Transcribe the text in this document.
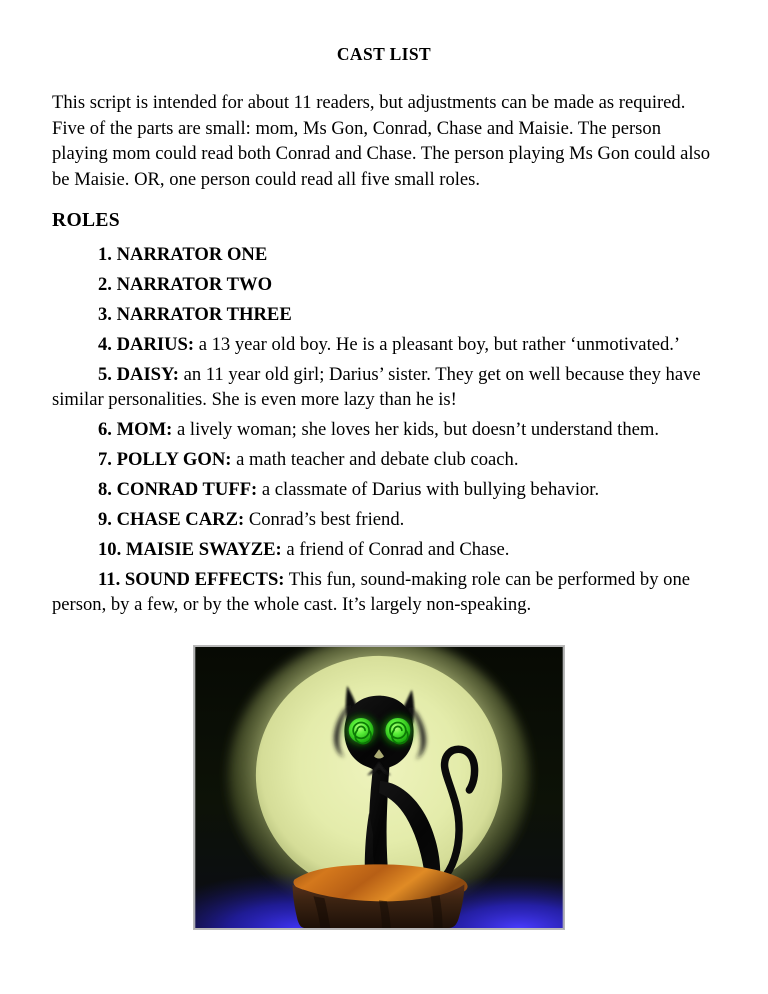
CAST LIST
This script is intended for about 11 readers, but adjustments can be made as required. Five of the parts are small: mom, Ms Gon, Conrad, Chase and Maisie. The person playing mom could read both Conrad and Chase. The person playing Ms Gon could also be Maisie. OR, one person could read all five small roles.
ROLES

1. NARRATOR ONE

2. NARRATOR TWO

3. NARRATOR THREE

4. DARIUS: a 13 year old boy. He is a pleasant boy, but rather ‘unmotivated.’

5. DAISY: an 11 year old girl; Darius’ sister. They get on well because they have similar personalities. She is even more lazy than he is!

6. MOM: a lively woman; she loves her kids, but doesn’t understand them.

7. POLLY GON: a math teacher and debate club coach.

8. CONRAD TUFF: a classmate of Darius with bullying behavior.

9. CHASE CARZ: Conrad’s best friend.

10. MAISIE SWAYZE: a friend of Conrad and Chase.

11. SOUND EFFECTS: This fun, sound-making role can be performed by one person, by a few, or by the whole cast. It’s largely non-speaking.
